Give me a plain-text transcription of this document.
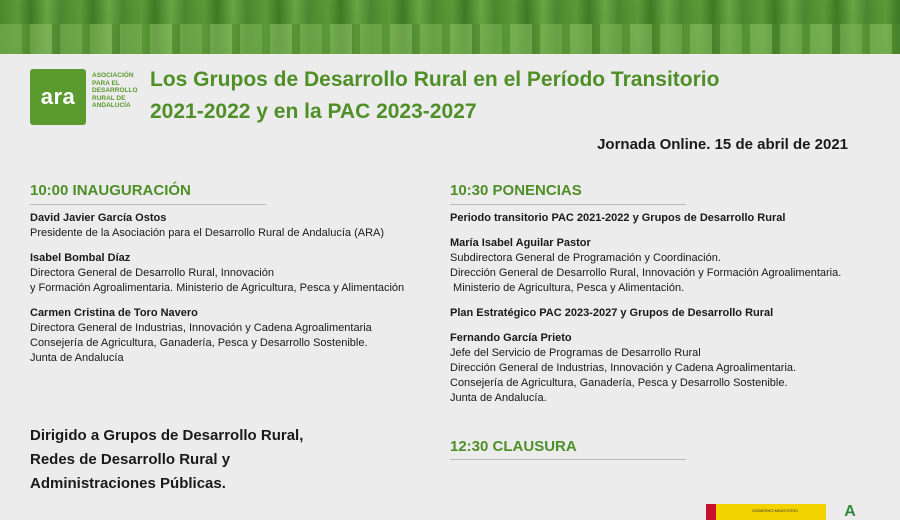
ara
ASOCIACIÓN
PARA EL
DESARROLLO
RURAL DE
ANDALUCÍA
Los Grupos de Desarrollo Rural en el Período Transitorio
2021-2022 y en la PAC 2023-2027
Jornada Online. 15 de abril de 2021
10:00 INAUGURACIÓN
David Javier García Ostos
Presidente de la Asociación para el Desarrollo Rural de Andalucía (ARA)
Isabel Bombal Díaz
Directora General de Desarrollo Rural, Innovación
y Formación Agroalimentaria. Ministerio de Agricultura, Pesca y Alimentación
Carmen Cristina de Toro Navero
Directora General de Industrias, Innovación y Cadena Agroalimentaria
Consejería de Agricultura, Ganadería, Pesca y Desarrollo Sostenible.
Junta de Andalucía
Dirigido a Grupos de Desarrollo Rural,
Redes de Desarrollo Rural y
Administraciones Públicas.
10:30 PONENCIAS
Periodo transitorio PAC 2021-2022 y Grupos de Desarrollo Rural
María Isabel Aguilar Pastor
Subdirectora General de Programación y Coordinación.
Dirección General de Desarrollo Rural, Innovación y Formación Agroalimentaria.
Ministerio de Agricultura, Pesca y Alimentación.
Plan Estratégico PAC 2023-2027 y Grupos de Desarrollo Rural
Fernando García Prieto
Jefe del Servicio de Programas de Desarrollo Rural
Dirección General de Industrias, Innovación y Cadena Agroalimentaria.
Consejería de Agricultura, Ganadería, Pesca y Desarrollo Sostenible.
Junta de Andalucía.
12:30 CLAUSURA
GOBIERNO MINISTERIO	A
